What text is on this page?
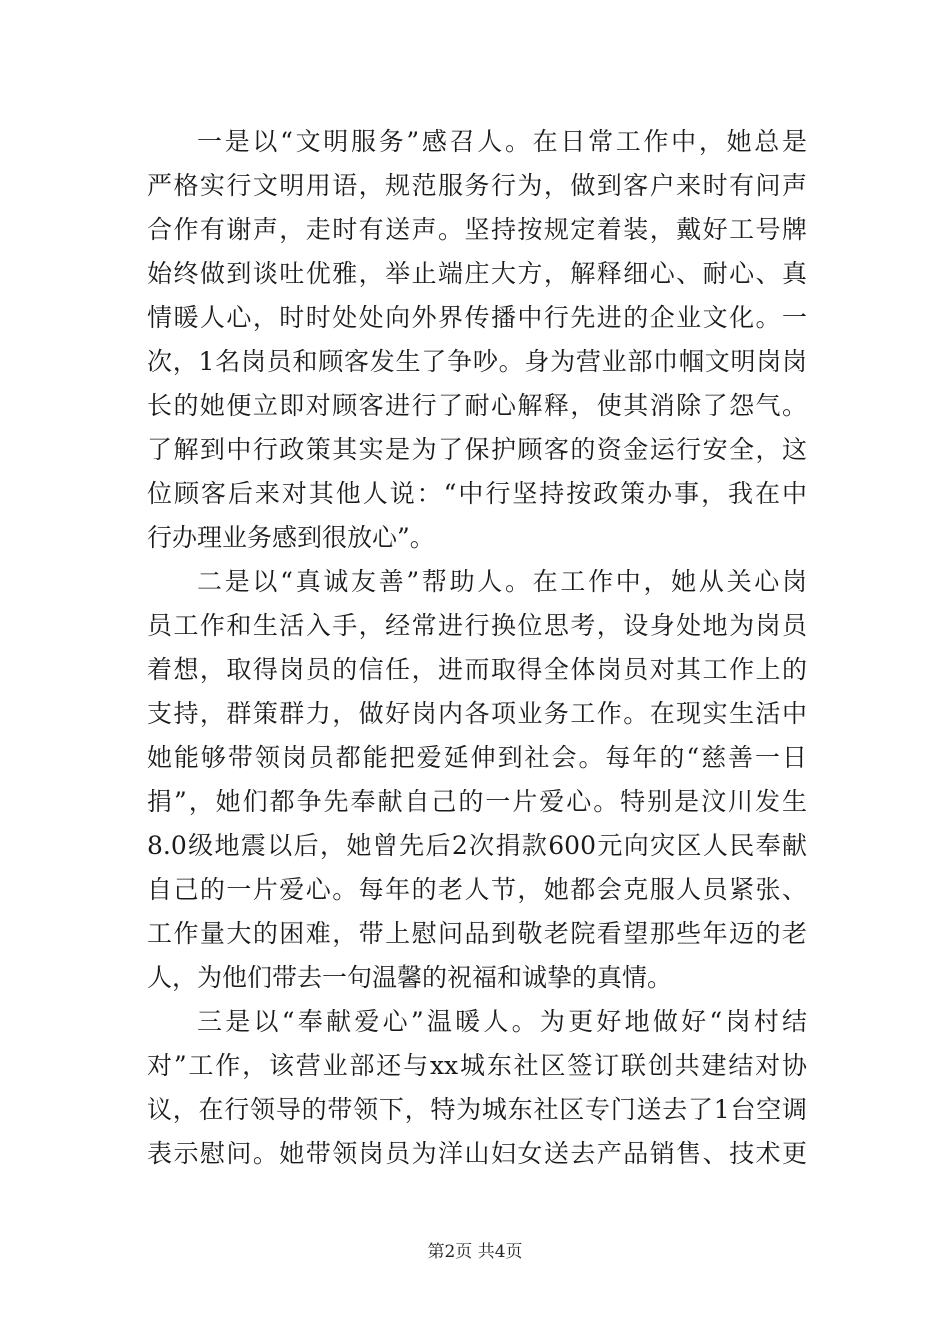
一是以“文明服务”感召人。在日常工作中，她总是
严格实行文明用语，规范服务行为，做到客户来时有问声
合作有谢声，走时有送声。坚持按规定着装，戴好工号牌
始终做到谈吐优雅，举止端庄大方，解释细心、耐心、真
情暖人心，时时处处向外界传播中行先进的企业文化。一
次，1名岗员和顾客发生了争吵。身为营业部巾帼文明岗岗
长的她便立即对顾客进行了耐心解释，使其消除了怨气。
了解到中行政策其实是为了保护顾客的资金运行安全，这
位顾客后来对其他人说：“中行坚持按政策办事，我在中
行办理业务感到很放心”。
二是以“真诚友善”帮助人。在工作中，她从关心岗
员工作和生活入手，经常进行换位思考，设身处地为岗员
着想，取得岗员的信任，进而取得全体岗员对其工作上的
支持，群策群力，做好岗内各项业务工作。在现实生活中
她能够带领岗员都能把爱延伸到社会。每年的“慈善一日
捐”，她们都争先奉献自己的一片爱心。特别是汶川发生
8.0级地震以后，她曾先后2次捐款600元向灾区人民奉献
自己的一片爱心。每年的老人节，她都会克服人员紧张、
工作量大的困难，带上慰问品到敬老院看望那些年迈的老
人，为他们带去一句温馨的祝福和诚挚的真情。
三是以“奉献爱心”温暖人。为更好地做好“岗村结
对”工作，该营业部还与xx城东社区签订联创共建结对协
议，在行领导的带领下，特为城东社区专门送去了1台空调
表示慰问。她带领岗员为洋山妇女送去产品销售、技术更
第2页 共4页
